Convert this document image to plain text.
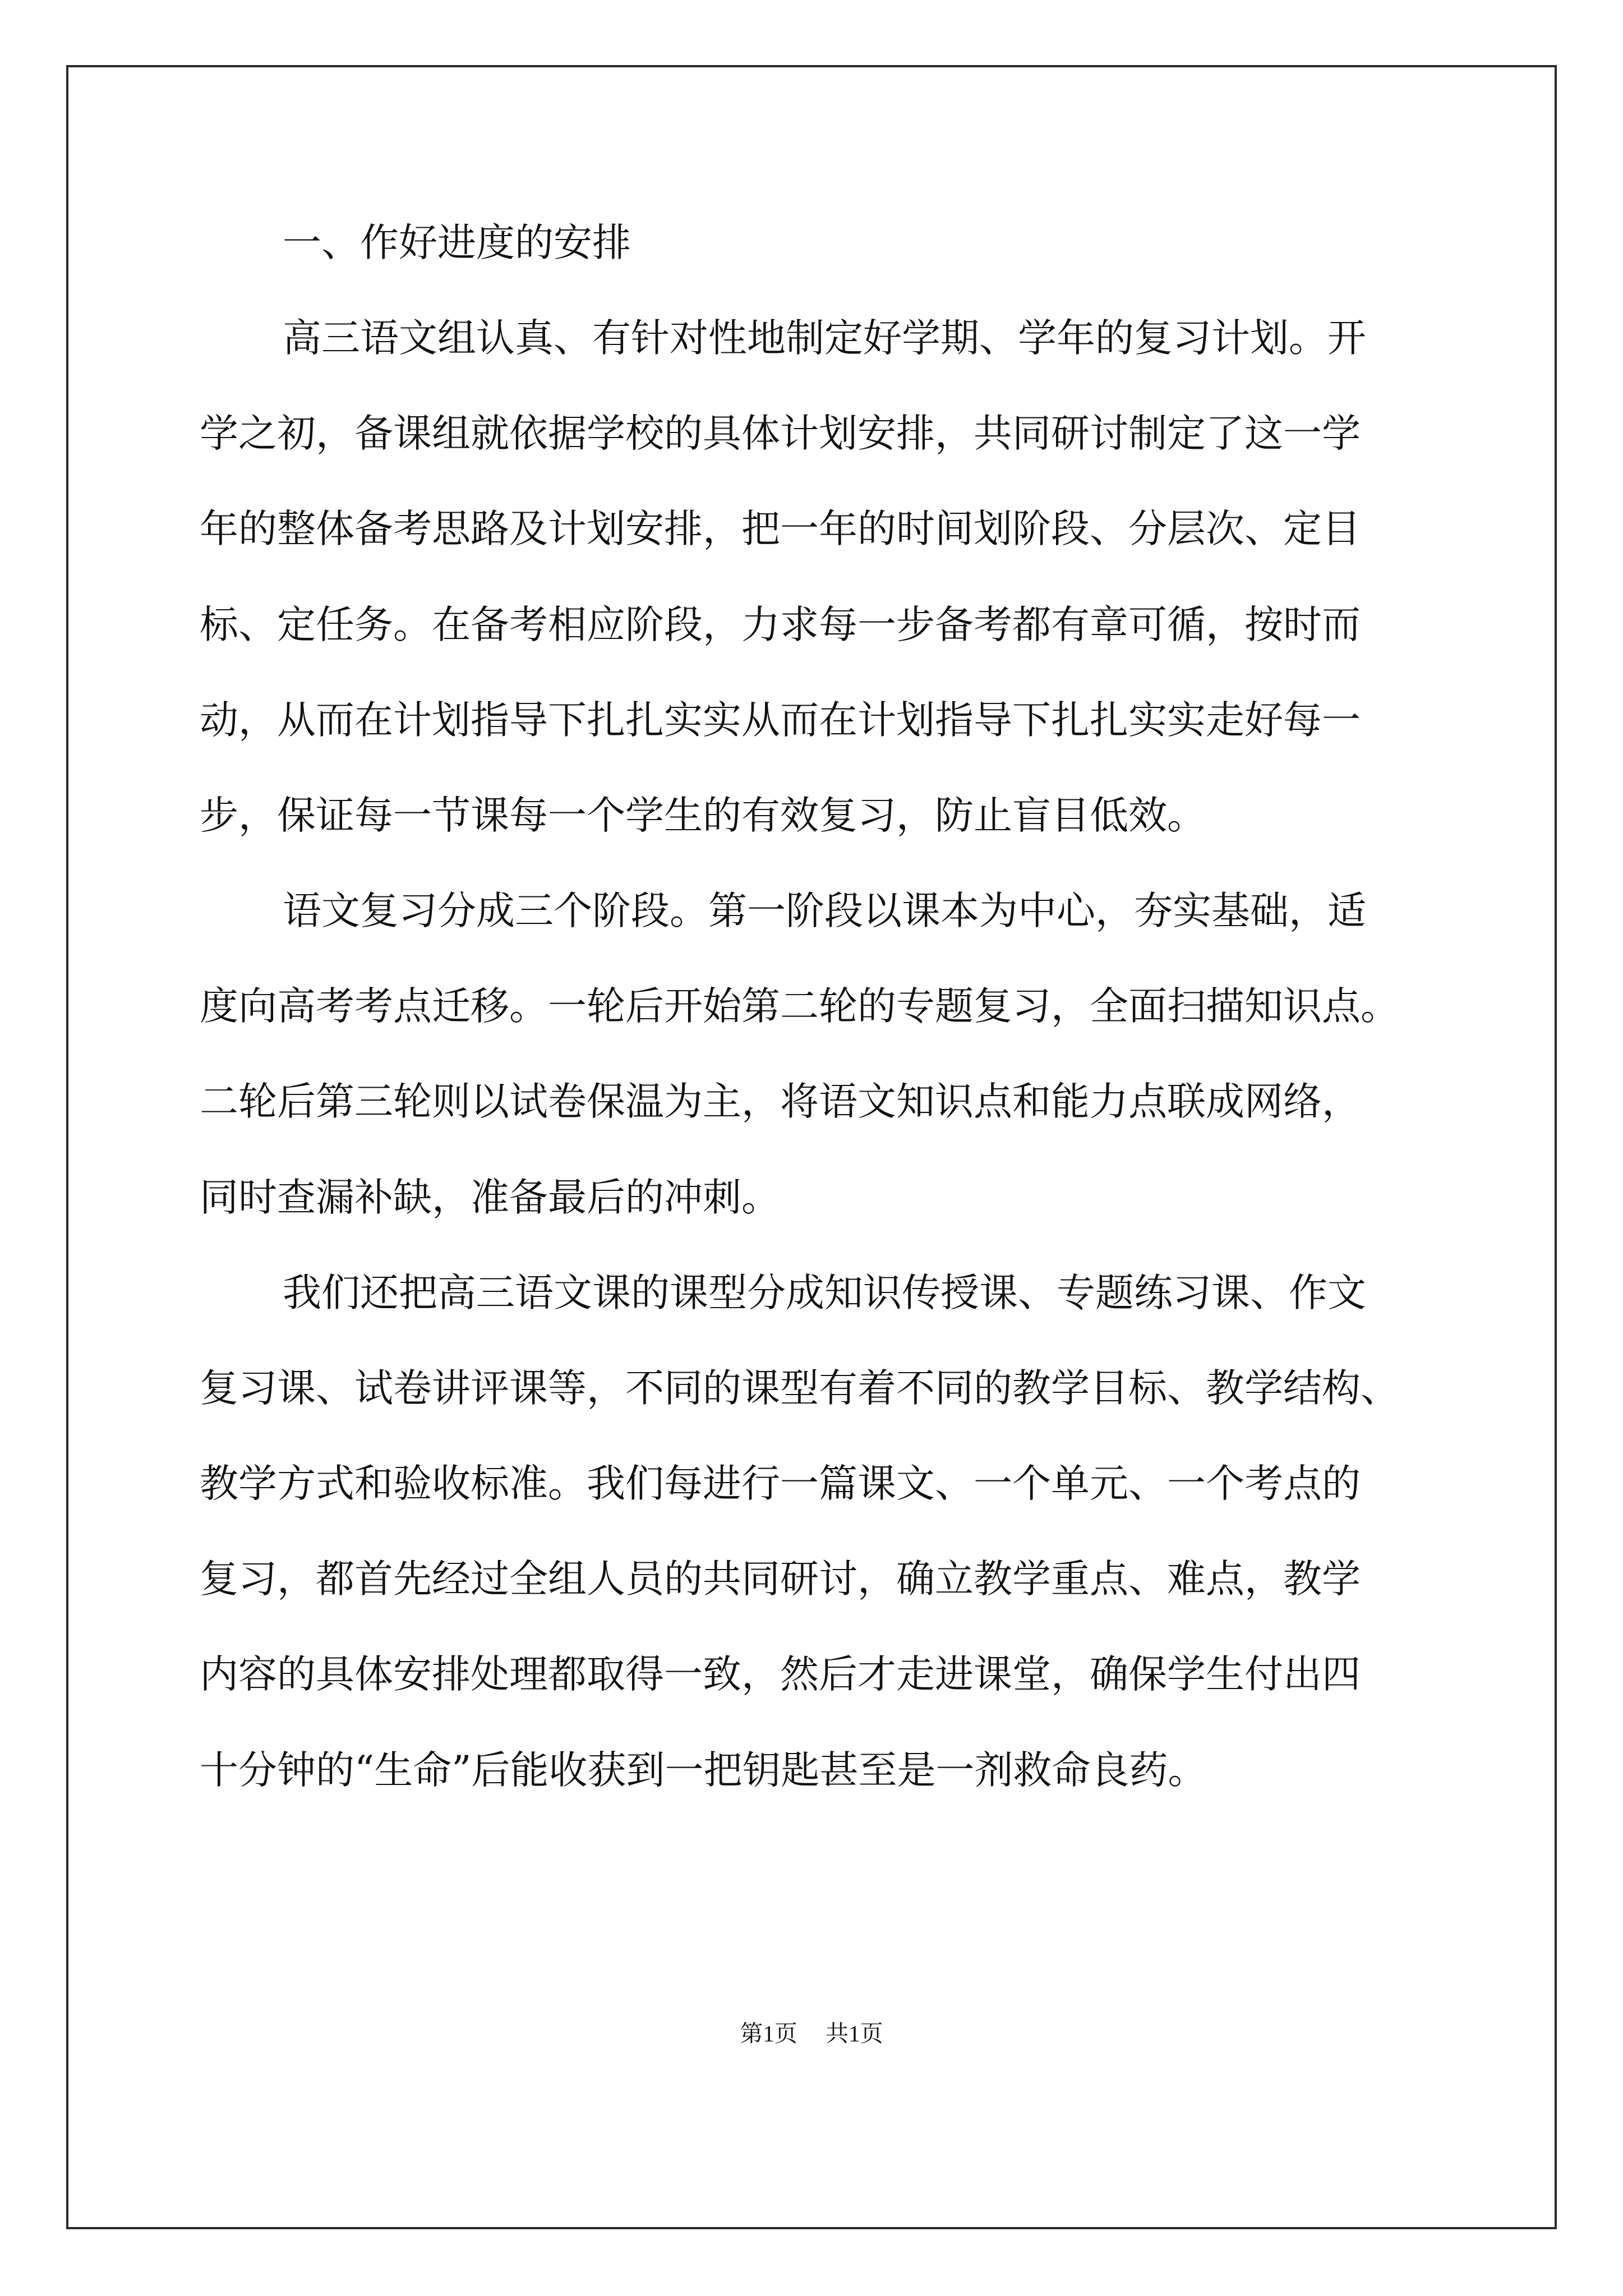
一、作好进度的安排
高三语文组认真、有针对性地制定好学期、学年的复习计划。开
学之初，备课组就依据学校的具体计划安排，共同研讨制定了这一学
年的整体备考思路及计划安排，把一年的时间划阶段、分层次、定目
标、定任务。在备考相应阶段，力求每一步备考都有章可循，按时而
动，从而在计划指导下扎扎实实从而在计划指导下扎扎实实走好每一
步，保证每一节课每一个学生的有效复习，防止盲目低效。
语文复习分成三个阶段。第一阶段以课本为中心，夯实基础，适
度向高考考点迁移。一轮后开始第二轮的专题复习，全面扫描知识点。
二轮后第三轮则以试卷保温为主，将语文知识点和能力点联成网络，
同时查漏补缺，准备最后的冲刺。
我们还把高三语文课的课型分成知识传授课、专题练习课、作文
复习课、试卷讲评课等，不同的课型有着不同的教学目标、教学结构、
教学方式和验收标准。我们每进行一篇课文、一个单元、一个考点的
复习，都首先经过全组人员的共同研讨，确立教学重点、难点，教学
内容的具体安排处理都取得一致，然后才走进课堂，确保学生付出四
十分钟的“生命”后能收获到一把钥匙甚至是一剂救命良药。
第1页 共1页
